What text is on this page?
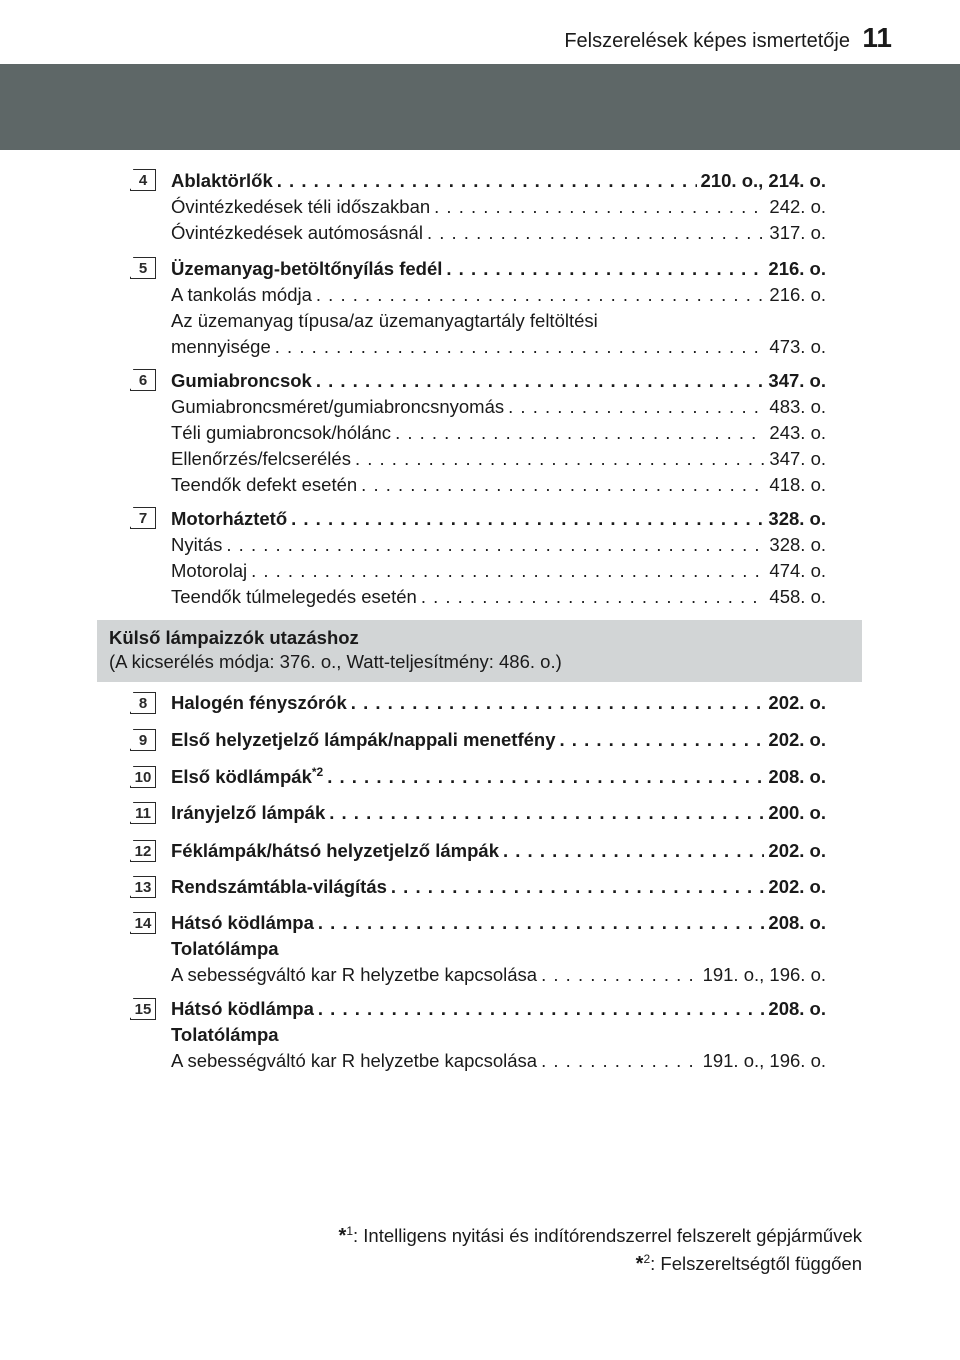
Felszerelések képes ismertetője 11
4 Ablaktörlők . . .	210. o., 214. o.
Óvintézkedések téli időszakban . . .	242. o.
Óvintézkedések autómosásnál . . .	317. o.
5 Üzemanyag-betöltőnyílás fedél . . .	216. o.
A tankolás módja . . .	216. o.
Az üzemanyag típusa/az üzemanyagtartály feltöltési
mennyisége . . .	473. o.
6 Gumiabroncsok . . .	347. o.
Gumiabroncsméret/gumiabroncsnyomás . . .	483. o.
Téli gumiabroncsok/hólánc . . .	243. o.
Ellenőrzés/felcserélés . . .	347. o.
Teendők defekt esetén . . .	418. o.
7 Motorháztető . . .	328. o.
Nyitás . . .	328. o.
Motorolaj . . .	474. o.
Teendők túlmelegedés esetén . . .	458. o.
Külső lámpaizzók utazáshoz
(A kicserélés módja: 376. o., Watt-teljesítmény: 486. o.)
8 Halogén fényszórók . . .	202. o.
9 Első helyzetjelző lámpák/nappali menetfény . . .	202. o.
10 Első ködlámpák$^{*2}$ . . .	208. o.
11 Irányjelző lámpák . . .	200. o.
12 Féklámpák/hátsó helyzetjelző lámpák . . .	202. o.
13 Rendszámtábla-világítás . . .	202. o.
14 Hátsó ködlámpa . . .	208. o.
Tolatólámpa
A sebességváltó kar R helyzetbe kapcsolása . . .	191. o., 196. o.
15 Hátsó ködlámpa . . .	208. o.
Tolatólámpa
A sebességváltó kar R helyzetbe kapcsolása . . .	191. o., 196. o.
*$^1$: Intelligens nyitási és indítórendszerrel felszerelt gépjárművek
*$^2$: Felszereltségtől függően
